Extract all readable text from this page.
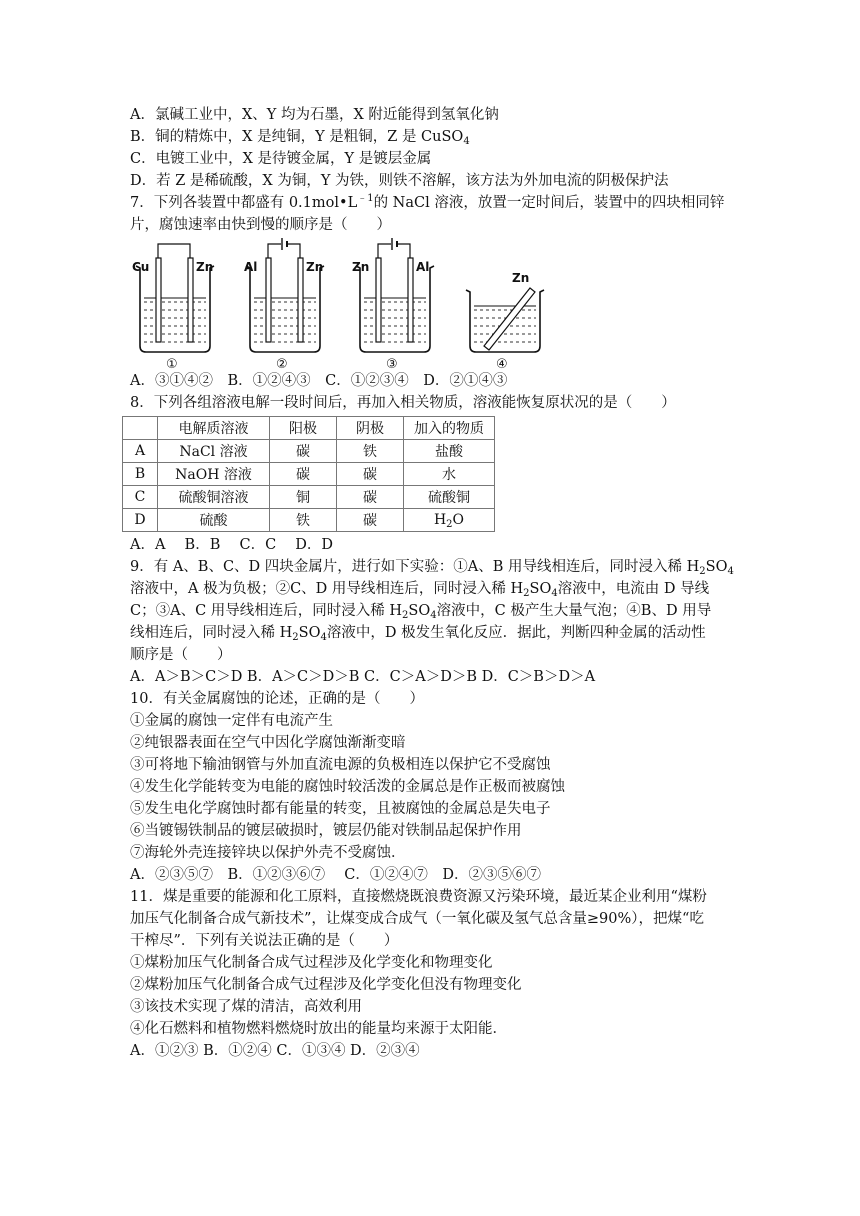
A．氯碱工业中，X、Y 均为石墨，X 附近能得到氢氧化钠
B．铜的精炼中，X 是纯铜，Y 是粗铜，Z 是 CuSO$_4$
C．电镀工业中，X 是待镀金属，Y 是镀层金属
D．若 Z 是稀硫酸，X 为铜，Y 为铁，则铁不溶解，该方法为外加电流的阴极保护法
7．下列各装置中都盛有 $0.1mol•L^{﹣1}$的 NaCl 溶液，放置一定时间后，装置中的四块相同锌
片，腐蚀速率由快到慢的顺序是（　　）
Cu	Zn
①
Al	Zn
②
Zn	Al
③
Zn
④
A．③①④②　B．①②④③　C．①②③④　D．②①④③
8．下列各组溶液电解一段时间后，再加入相关物质，溶液能恢复原状况的是（　　）
	电解质溶液	阳极	阴极	加入的物质
A	NaCl 溶液	碳	铁	盐酸
B	NaOH 溶液	碳	碳	水
C	硫酸铜溶液	铜	碳	硫酸铜
D	硫酸	铁	碳	$H_2O$
A．A　 B．B　 C．C　 D．D
9．有 A、B、C、D 四块金属片，进行如下实验：①A、B 用导线相连后，同时浸入稀 $H_2SO_4$
溶液中，A 极为负极；②C、D 用导线相连后，同时浸入稀 $H_2SO_4$溶液中，电流由 D 导线
C；③A、C 用导线相连后，同时浸入稀 $H_2SO_4$溶液中，C 极产生大量气泡；④B、D 用导
线相连后，同时浸入稀 $H_2SO_4$溶液中，D 极发生氧化反应．据此，判断四种金属的活动性
顺序是（　　）
A．A＞B＞C＞D B．A＞C＞D＞B C．C＞A＞D＞B D．C＞B＞D＞A
10．有关金属腐蚀的论述，正确的是（　　）
①金属的腐蚀一定伴有电流产生
②纯银器表面在空气中因化学腐蚀渐渐变暗
③可将地下输油钢管与外加直流电源的负极相连以保护它不受腐蚀
④发生化学能转变为电能的腐蚀时较活泼的金属总是作正极而被腐蚀
⑤发生电化学腐蚀时都有能量的转变，且被腐蚀的金属总是失电子
⑥当镀锡铁制品的镀层破损时，镀层仍能对铁制品起保护作用
⑦海轮外壳连接锌块以保护外壳不受腐蚀．
A．②③⑤⑦　B．①②③⑥⑦　 C．①②④⑦　D．②③⑤⑥⑦
11．煤是重要的能源和化工原料，直接燃烧既浪费资源又污染环境，最近某企业利用“煤粉
加压气化制备合成气新技术”，让煤变成合成气（一氧化碳及氢气总含量≥90%），把煤“吃
干榨尽”．下列有关说法正确的是（　　）
①煤粉加压气化制备合成气过程涉及化学变化和物理变化
②煤粉加压气化制备合成气过程涉及化学变化但没有物理变化
③该技术实现了煤的清洁，高效利用
④化石燃料和植物燃料燃烧时放出的能量均来源于太阳能．
A．①②③ B．①②④ C．①③④ D．②③④
